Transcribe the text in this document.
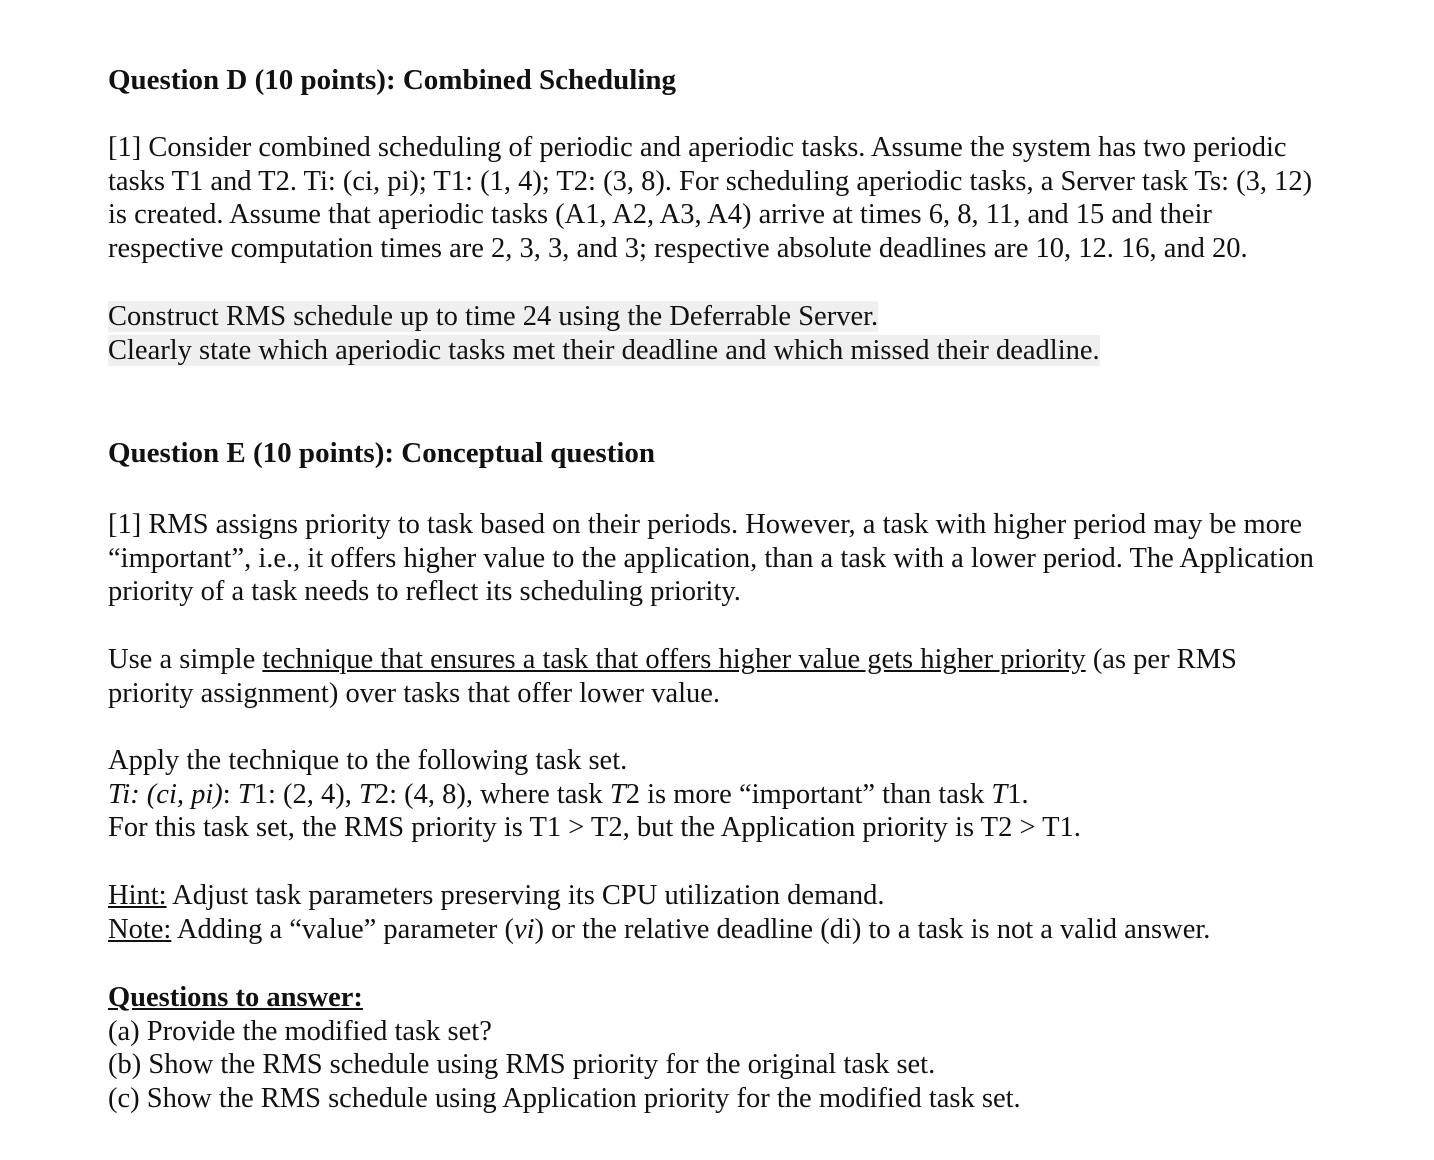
Question D (10 points): Combined Scheduling
[1] Consider combined scheduling of periodic and aperiodic tasks. Assume the system has two periodic
tasks T1 and T2. Ti: (ci, pi); T1: (1, 4); T2: (3, 8). For scheduling aperiodic tasks, a Server task Ts: (3, 12)
is created. Assume that aperiodic tasks (A1, A2, A3, A4) arrive at times 6, 8, 11, and 15 and their
respective computation times are 2, 3, 3, and 3; respective absolute deadlines are 10, 12. 16, and 20.
Construct RMS schedule up to time 24 using the Deferrable Server.
Clearly state which aperiodic tasks met their deadline and which missed their deadline.
Question E (10 points): Conceptual question
[1] RMS assigns priority to task based on their periods. However, a task with higher period may be more
“important”, i.e., it offers higher value to the application, than a task with a lower period. The Application
priority of a task needs to reflect its scheduling priority.
Use a simple technique that ensures a task that offers higher value gets higher priority (as per RMS
priority assignment) over tasks that offer lower value.
Apply the technique to the following task set.
Ti: (ci, pi): T1: (2, 4), T2: (4, 8), where task T2 is more “important” than task T1.
For this task set, the RMS priority is T1 > T2, but the Application priority is T2 > T1.
Hint: Adjust task parameters preserving its CPU utilization demand.
Note: Adding a “value” parameter (vi) or the relative deadline (di) to a task is not a valid answer.
Questions to answer:
(a) Provide the modified task set?
(b) Show the RMS schedule using RMS priority for the original task set.
(c) Show the RMS schedule using Application priority for the modified task set.
